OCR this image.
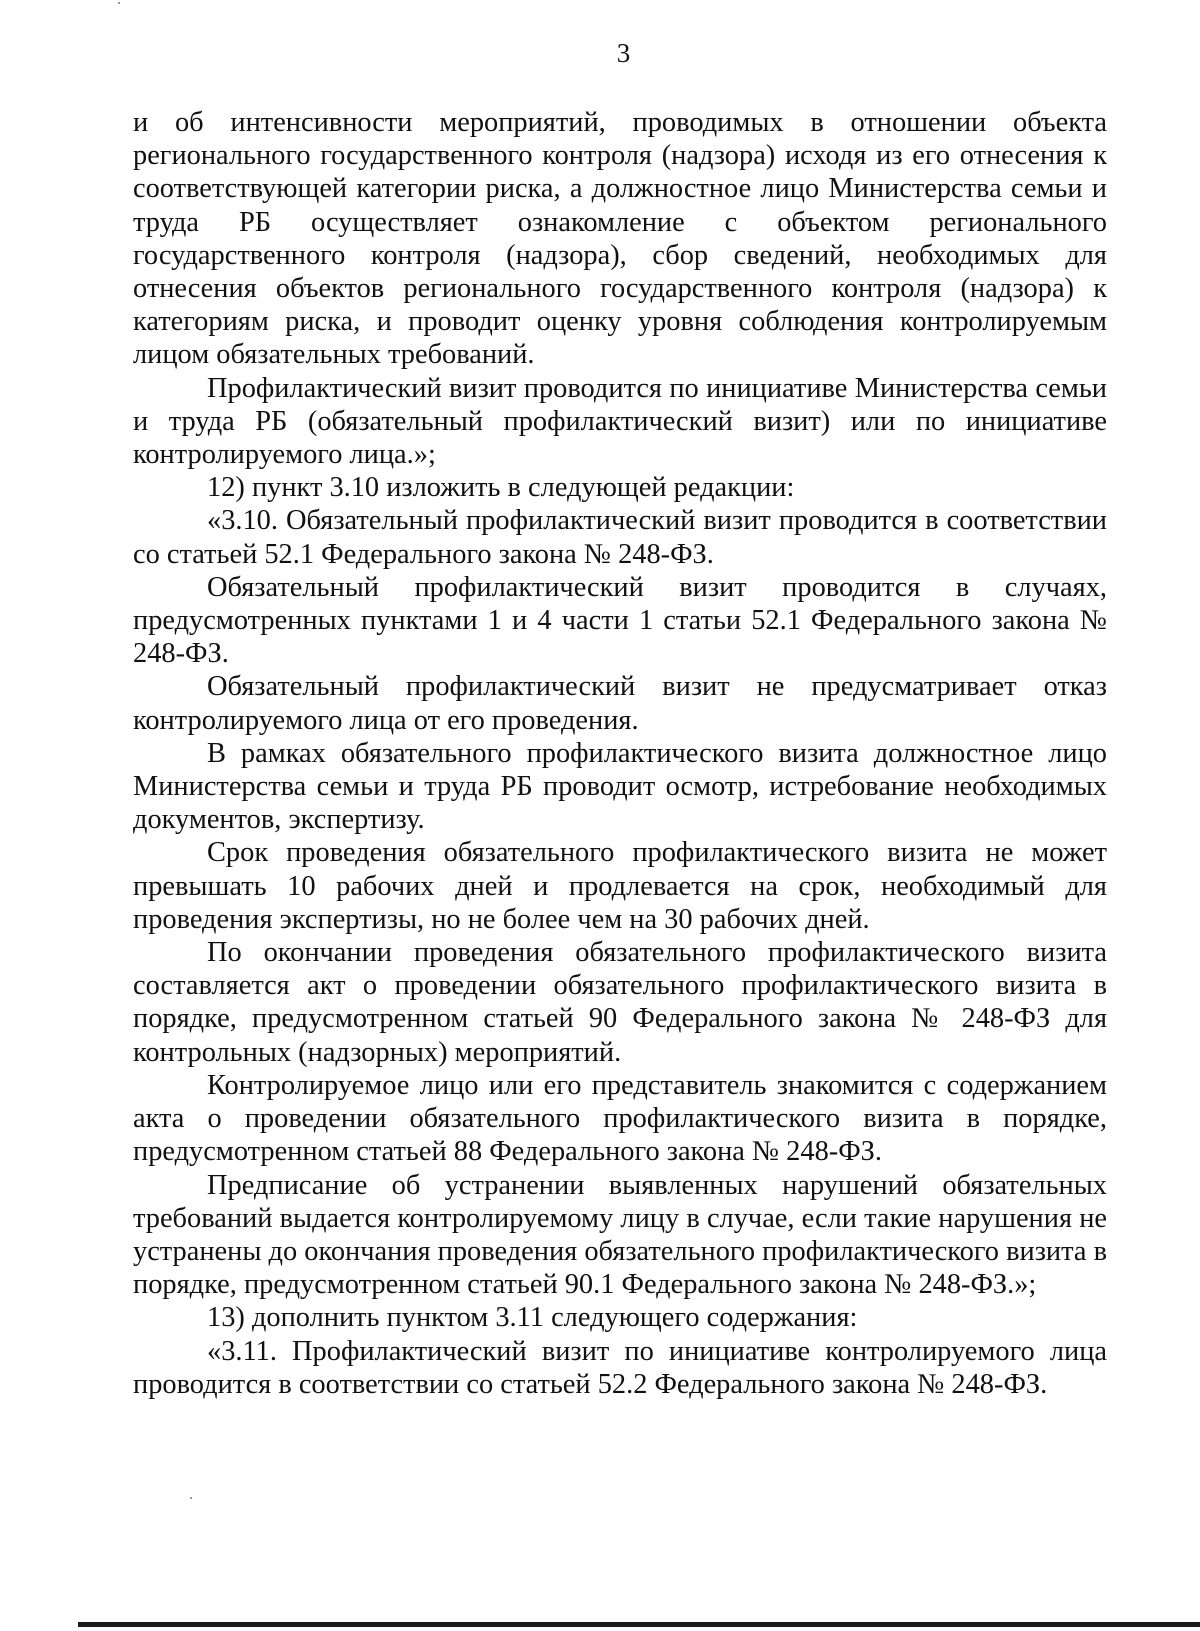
3

и об интенсивности мероприятий, проводимых в отношении объекта регионального государственного контроля (надзора) исходя из его отнесения к соответствующей категории риска, а должностное лицо Министерства семьи и труда РБ осуществляет ознакомление с объектом регионального государственного контроля (надзора), сбор сведений, необходимых для отнесения объектов регионального государственного контроля (надзора) к категориям риска, и проводит оценку уровня соблюдения контролируемым лицом обязательных требований.

Профилактический визит проводится по инициативе Министерства семьи и труда РБ (обязательный профилактический визит) или по инициативе контролируемого лица.»;

12) пункт 3.10 изложить в следующей редакции:

«3.10. Обязательный профилактический визит проводится в соответствии со статьей 52.1 Федерального закона № 248-ФЗ.

Обязательный профилактический визит проводится в случаях, предусмотренных пунктами 1 и 4 части 1 статьи 52.1 Федерального закона № 248-ФЗ.

Обязательный профилактический визит не предусматривает отказ контролируемого лица от его проведения.

В рамках обязательного профилактического визита должностное лицо Министерства семьи и труда РБ проводит осмотр, истребование необходимых документов, экспертизу.

Срок проведения обязательного профилактического визита не может превышать 10 рабочих дней и продлевается на срок, необходимый для проведения экспертизы, но не более чем на 30 рабочих дней.

По окончании проведения обязательного профилактического визита составляется акт о проведении обязательного профилактического визита в порядке, предусмотренном статьей 90 Федерального закона № 248-ФЗ для контрольных (надзорных) мероприятий.

Контролируемое лицо или его представитель знакомится с содержанием акта о проведении обязательного профилактического визита в порядке, предусмотренном статьей 88 Федерального закона № 248-ФЗ.

Предписание об устранении выявленных нарушений обязательных требований выдается контролируемому лицу в случае, если такие нарушения не устранены до окончания проведения обязательного профилактического визита в порядке, предусмотренном статьей 90.1 Федерального закона № 248-ФЗ.»;

13) дополнить пунктом 3.11 следующего содержания:

«3.11. Профилактический визит по инициативе контролируемого лица проводится в соответствии со статьей 52.2 Федерального закона № 248-ФЗ.
